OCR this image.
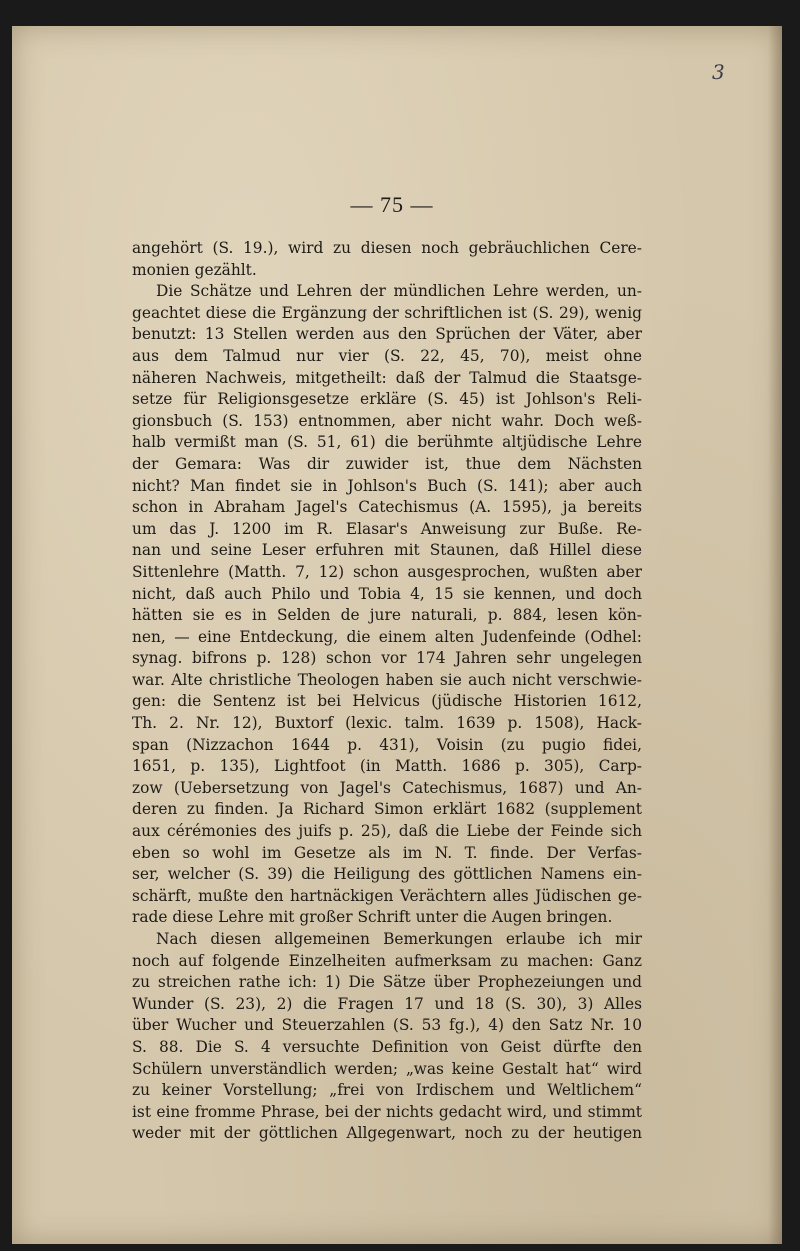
3
— 75 —
angehört (S. 19.), wird zu diesen noch gebräuchlichen Cere-
monien gezählt.
Die Schätze und Lehren der mündlichen Lehre werden, un-
geachtet diese die Ergänzung der schriftlichen ist (S. 29), wenig
benutzt: 13 Stellen werden aus den Sprüchen der Väter, aber
aus dem Talmud nur vier (S. 22, 45, 70), meist ohne
näheren Nachweis, mitgetheilt: daß der Talmud die Staatsge-
setze für Religionsgesetze erkläre (S. 45) ist Johlson's Reli-
gionsbuch (S. 153) entnommen, aber nicht wahr. Doch weß-
halb vermißt man (S. 51, 61) die berühmte altjüdische Lehre
der Gemara: Was dir zuwider ist, thue dem Nächsten
nicht? Man findet sie in Johlson's Buch (S. 141); aber auch
schon in Abraham Jagel's Catechismus (A. 1595), ja bereits
um das J. 1200 im R. Elasar's Anweisung zur Buße. Re-
nan und seine Leser erfuhren mit Staunen, daß Hillel diese
Sittenlehre (Matth. 7, 12) schon ausgesprochen, wußten aber
nicht, daß auch Philo und Tobia 4, 15 sie kennen, und doch
hätten sie es in Selden de jure naturali, p. 884, lesen kön-
nen, — eine Entdeckung, die einem alten Judenfeinde (Odhel:
synag. bifrons p. 128) schon vor 174 Jahren sehr ungelegen
war. Alte christliche Theologen haben sie auch nicht verschwie-
gen: die Sentenz ist bei Helvicus (jüdische Historien 1612,
Th. 2. Nr. 12), Buxtorf (lexic. talm. 1639 p. 1508), Hack-
span (Nizzachon 1644 p. 431), Voisin (zu pugio fidei,
1651, p. 135), Lightfoot (in Matth. 1686 p. 305), Carp-
zow (Uebersetzung von Jagel's Catechismus, 1687) und An-
deren zu finden. Ja Richard Simon erklärt 1682 (supplement
aux cérémonies des juifs p. 25), daß die Liebe der Feinde sich
eben so wohl im Gesetze als im N. T. finde. Der Verfas-
ser, welcher (S. 39) die Heiligung des göttlichen Namens ein-
schärft, mußte den hartnäckigen Verächtern alles Jüdischen ge-
rade diese Lehre mit großer Schrift unter die Augen bringen.
Nach diesen allgemeinen Bemerkungen erlaube ich mir
noch auf folgende Einzelheiten aufmerksam zu machen: Ganz
zu streichen rathe ich: 1) Die Sätze über Prophezeiungen und
Wunder (S. 23), 2) die Fragen 17 und 18 (S. 30), 3) Alles
über Wucher und Steuerzahlen (S. 53 fg.), 4) den Satz Nr. 10
S. 88. Die S. 4 versuchte Definition von Geist dürfte den
Schülern unverständlich werden; „was keine Gestalt hat“ wird
zu keiner Vorstellung; „frei von Irdischem und Weltlichem“
ist eine fromme Phrase, bei der nichts gedacht wird, und stimmt
weder mit der göttlichen Allgegenwart, noch zu der heutigen
